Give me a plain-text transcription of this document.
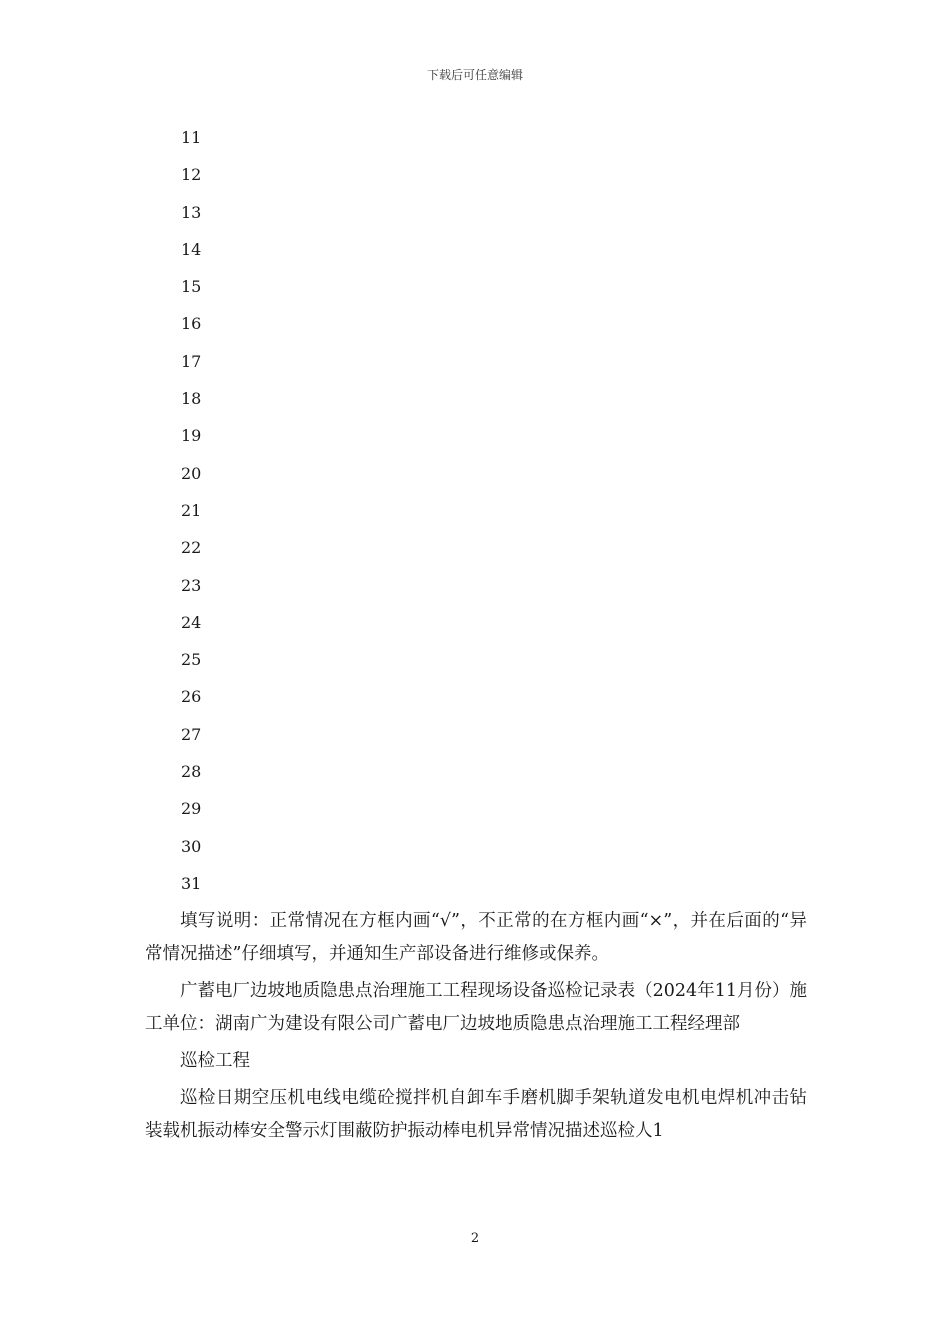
下载后可任意编辑
11
12
13
14
15
16
17
18
19
20
21
22
23
24
25
26
27
28
29
30
31

填写说明：正常情况在方框内画“√”，不正常的在方框内画“×”，并在后面的“异常情况描述”仔细填写，并通知生产部设备进行维修或保养。

广蓄电厂边坡地质隐患点治理施工工程现场设备巡检记录表（2024年11月份）施工单位：湖南广为建设有限公司广蓄电厂边坡地质隐患点治理施工工程经理部

巡检工程

巡检日期空压机电线电缆砼搅拌机自卸车手磨机脚手架轨道发电机电焊机冲击钻装载机振动棒安全警示灯围蔽防护振动棒电机异常情况描述巡检人1

2
